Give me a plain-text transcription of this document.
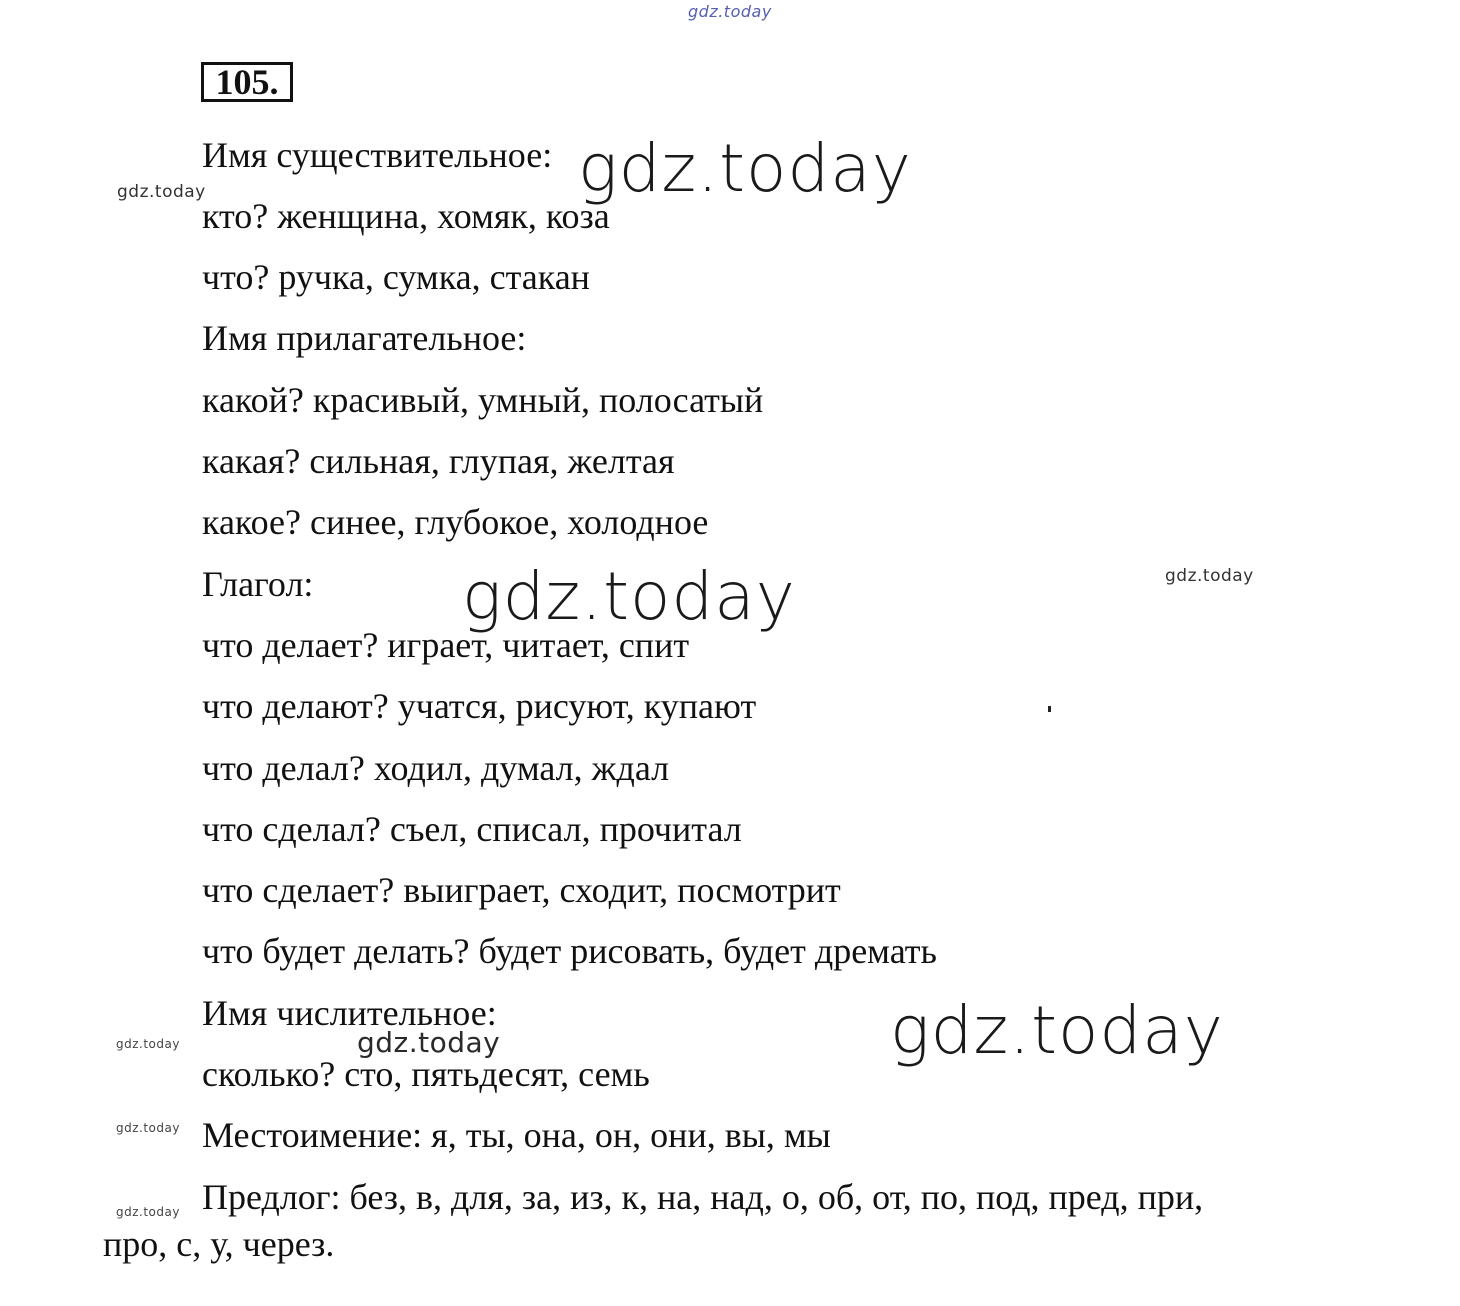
105.
Имя существительное:
кто? женщина, хомяк, коза
что? ручка, сумка, стакан
Имя прилагательное:
какой? красивый, умный, полосатый
какая? сильная, глупая, желтая
какое? синее, глубокое, холодное
Глагол:
что делает? играет, читает, спит
что делают? учатся, рисуют, купают
что делал? ходил, думал, ждал
что сделал? съел, списал, прочитал
что сделает? выиграет, сходит, посмотрит
что будет делать? будет рисовать, будет дремать
Имя числительное:
сколько? сто, пятьдесят, семь
Местоимение: я, ты, она, он, они, вы, мы
Предлог: без, в, для, за, из, к, на, над, о, об, от, по, под, пред, при,
про, с, у, через.
gdz.today
gdz.today
gdz.today
gdz.today	gdz.today
gdz.today
gdz.today
gdz.today
gdz.today
gdz.today
